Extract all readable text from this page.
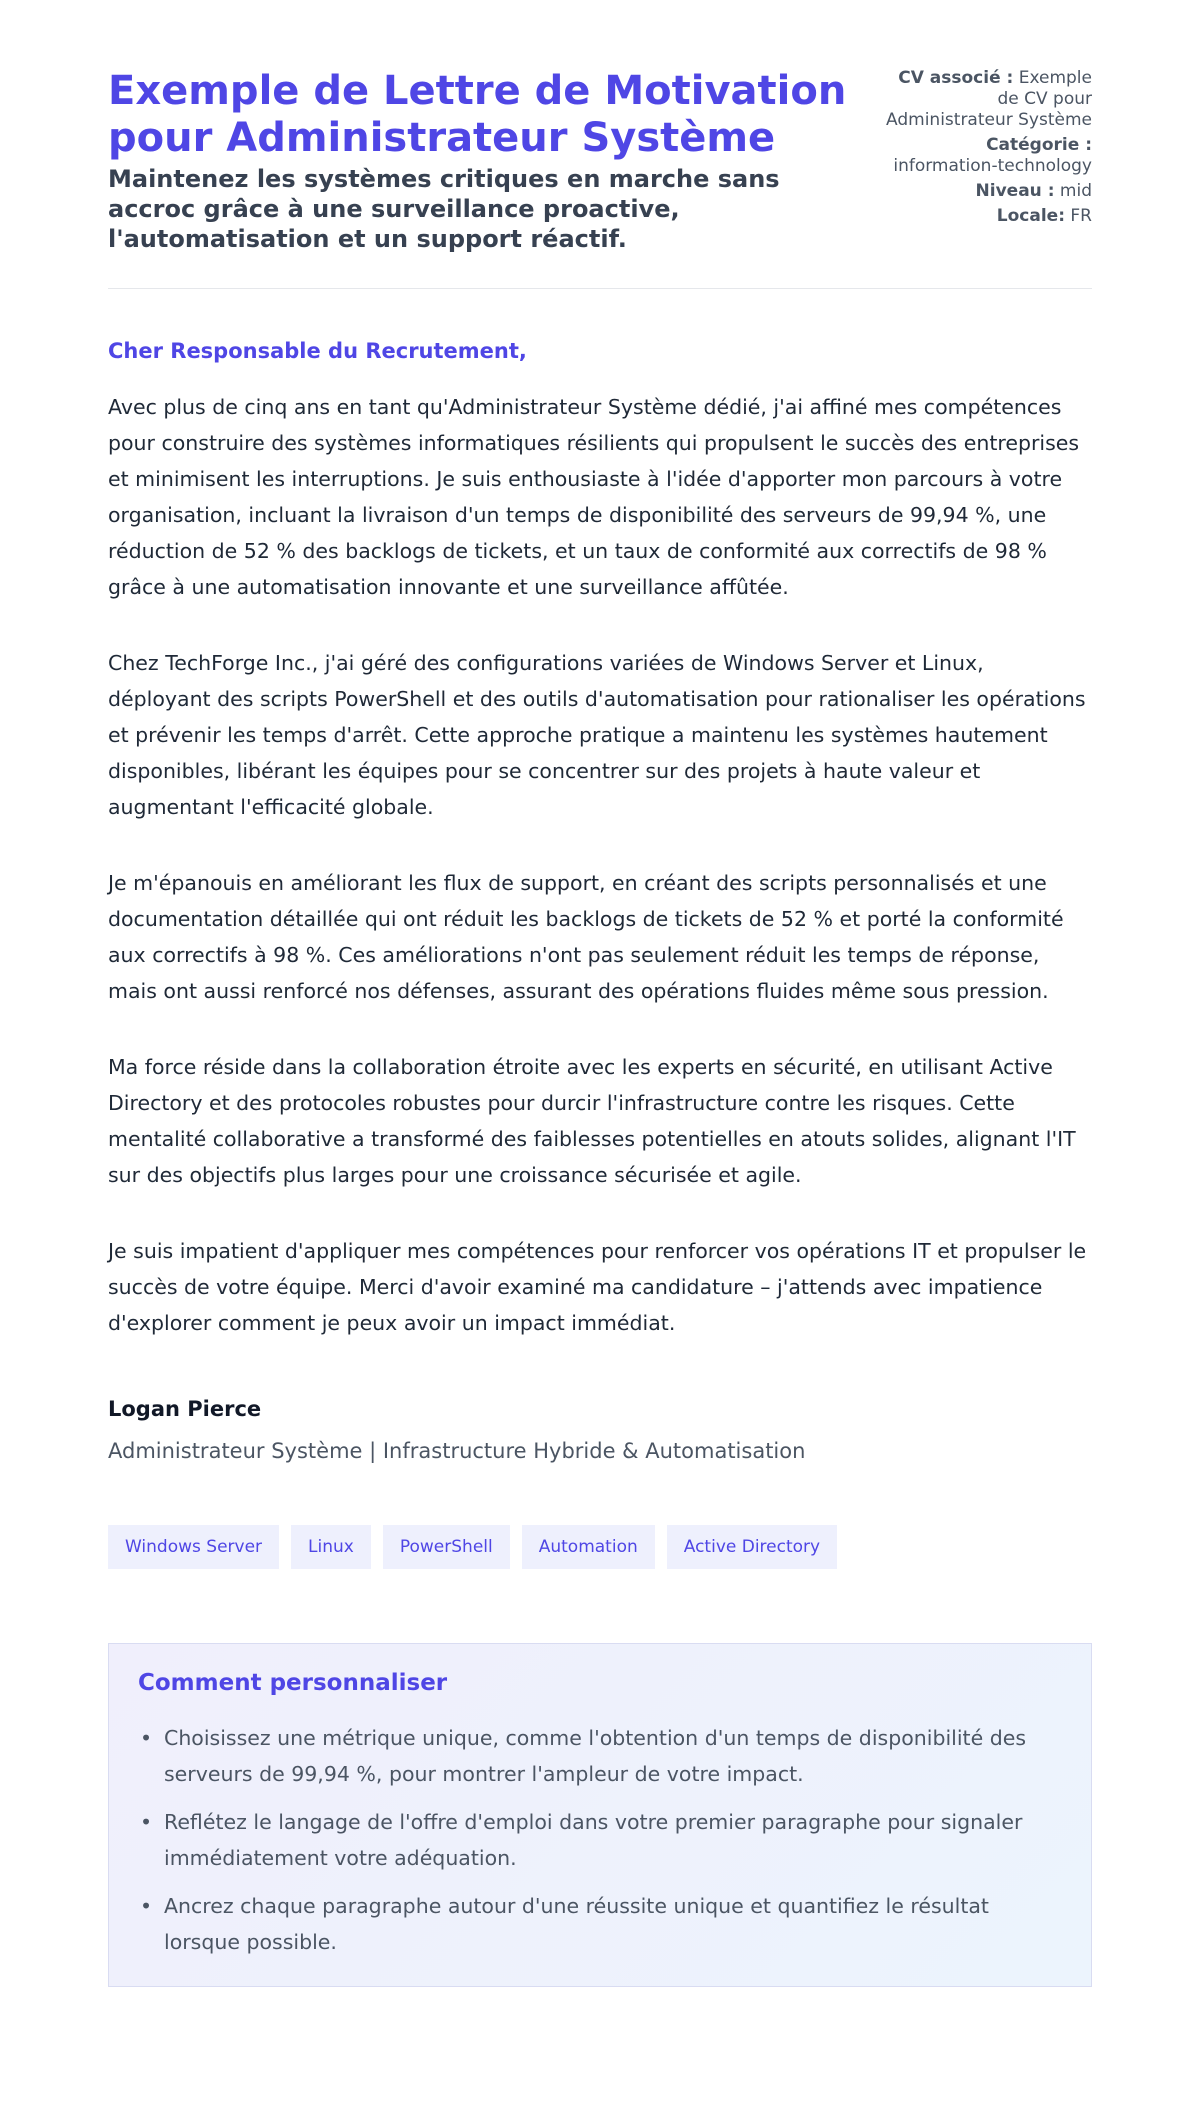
Exemple de Lettre de Motivation pour Administrateur Système
Maintenez les systèmes critiques en marche sans accroc grâce à une surveillance proactive, l'automatisation et un support réactif.
CV associé : Exemple de CV pour Administrateur Système
Catégorie :
information-technology
Niveau : mid
Locale: FR
Cher Responsable du Recrutement,

Avec plus de cinq ans en tant qu'Administrateur Système dédié, j'ai affiné mes compétences pour construire des systèmes informatiques résilients qui propulsent le succès des entreprises et minimisent les interruptions. Je suis enthousiaste à l'idée d'apporter mon parcours à votre organisation, incluant la livraison d'un temps de disponibilité des serveurs de 99,94 %, une réduction de 52 % des backlogs de tickets, et un taux de conformité aux correctifs de 98 % grâce à une automatisation innovante et une surveillance affûtée.

Chez TechForge Inc., j'ai géré des configurations variées de Windows Server et Linux, déployant des scripts PowerShell et des outils d'automatisation pour rationaliser les opérations et prévenir les temps d'arrêt. Cette approche pratique a maintenu les systèmes hautement disponibles, libérant les équipes pour se concentrer sur des projets à haute valeur et augmentant l'efficacité globale.

Je m'épanouis en améliorant les flux de support, en créant des scripts personnalisés et une documentation détaillée qui ont réduit les backlogs de tickets de 52 % et porté la conformité aux correctifs à 98 %. Ces améliorations n'ont pas seulement réduit les temps de réponse, mais ont aussi renforcé nos défenses, assurant des opérations fluides même sous pression.

Ma force réside dans la collaboration étroite avec les experts en sécurité, en utilisant Active Directory et des protocoles robustes pour durcir l'infrastructure contre les risques. Cette mentalité collaborative a transformé des faiblesses potentielles en atouts solides, alignant l'IT sur des objectifs plus larges pour une croissance sécurisée et agile.

Je suis impatient d'appliquer mes compétences pour renforcer vos opérations IT et propulser le succès de votre équipe. Merci d'avoir examiné ma candidature – j'attends avec impatience d'explorer comment je peux avoir un impact immédiat.

Logan Pierce
Administrateur Système | Infrastructure Hybride & Automatisation
Windows Server	Linux	PowerShell	Automation	Active Directory
Comment personnaliser
• Choisissez une métrique unique, comme l'obtention d'un temps de disponibilité des serveurs de 99,94 %, pour montrer l'ampleur de votre impact.
• Reflétez le langage de l'offre d'emploi dans votre premier paragraphe pour signaler immédiatement votre adéquation.
• Ancrez chaque paragraphe autour d'une réussite unique et quantifiez le résultat lorsque possible.
